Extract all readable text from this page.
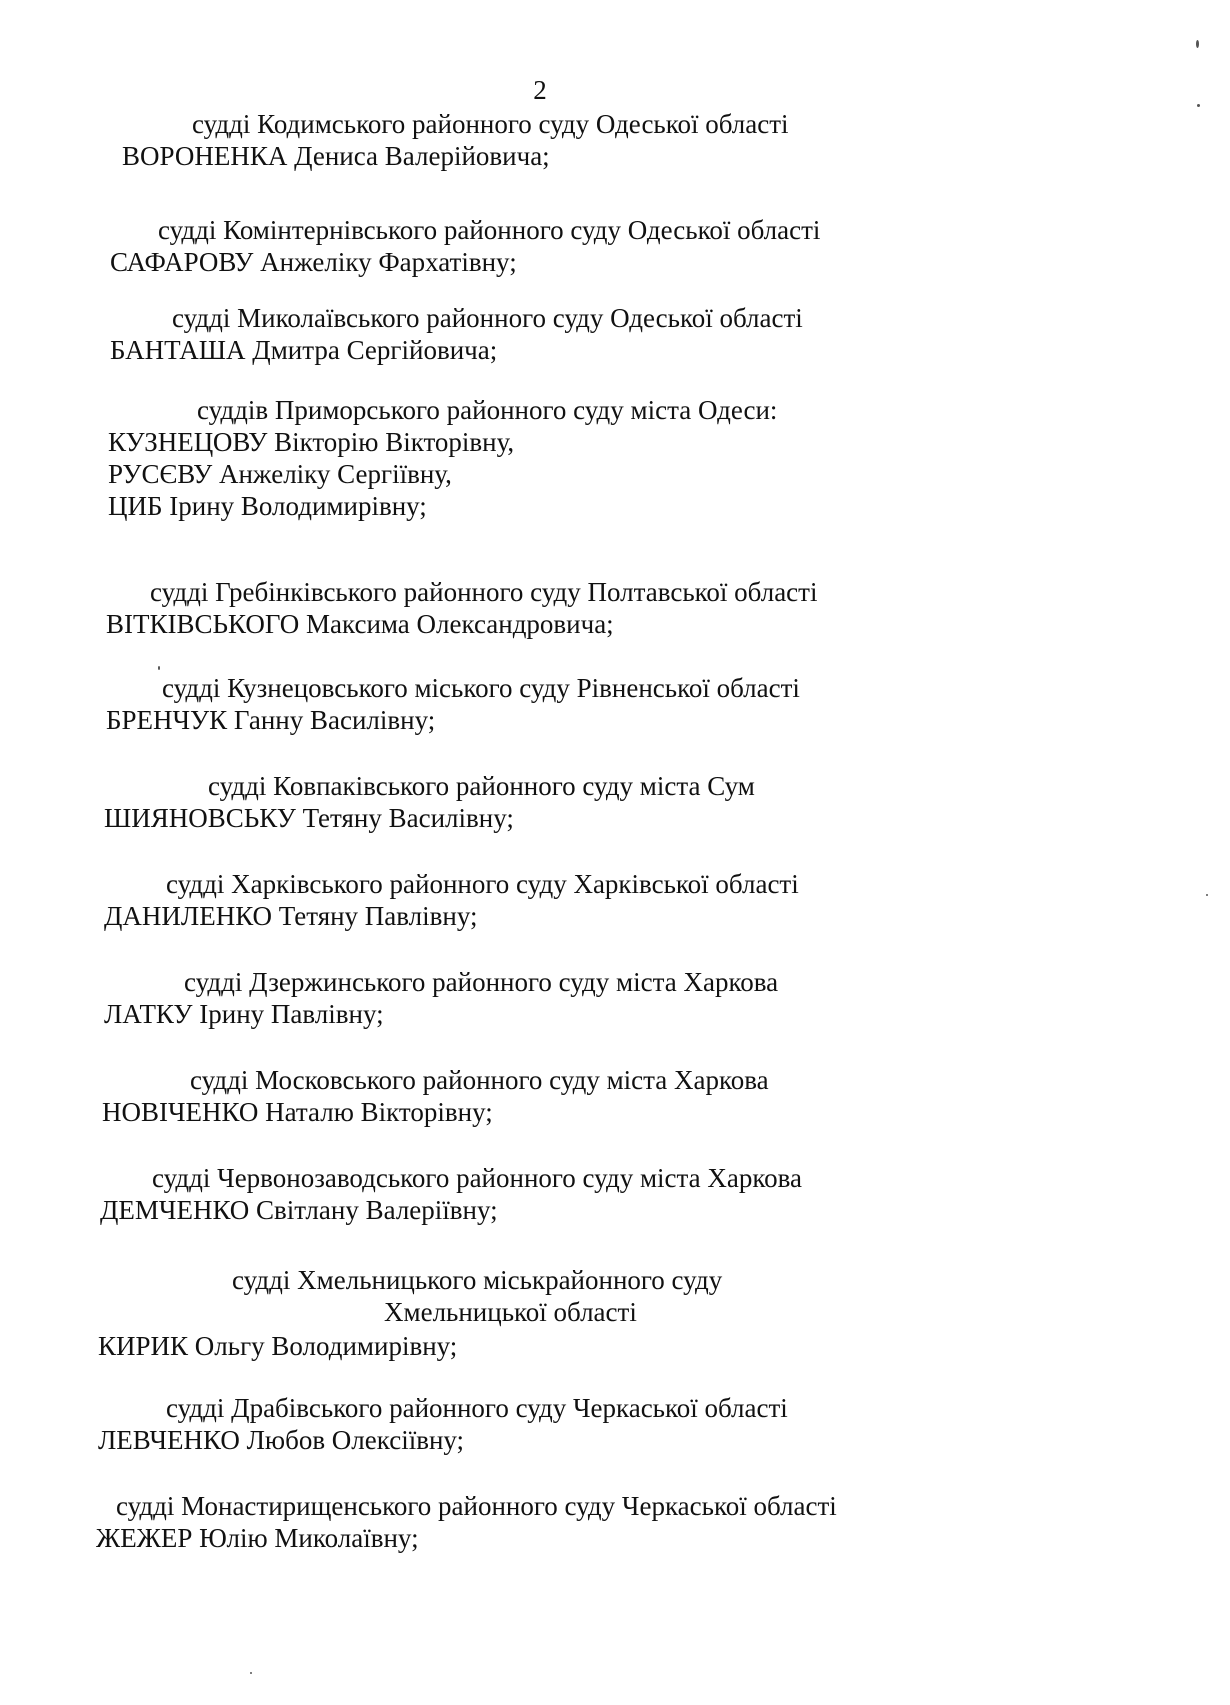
2
судді Кодимського районного суду Одеської області
ВОРОНЕНКА Дениса Валерійовича;
судді Комінтернівського районного суду Одеської області
САФАРОВУ Анжеліку Фархатівну;
судді Миколаївського районного суду Одеської області
БАНТАША Дмитра Сергійовича;
суддів Приморського районного суду міста Одеси:
КУЗНЕЦОВУ Вікторію Вікторівну,
РУСЄВУ Анжеліку Сергіївну,
ЦИБ Ірину Володимирівну;
судді Гребінківського районного суду Полтавської області
ВІТКІВСЬКОГО Максима Олександровича;
судді Кузнецовського міського суду Рівненської області
БРЕНЧУК Ганну Василівну;
судді Ковпаківського районного суду міста Сум
ШИЯНОВСЬКУ Тетяну Василівну;
судді Харківського районного суду Харківської області
ДАНИЛЕНКО Тетяну Павлівну;
судді Дзержинського районного суду міста Харкова
ЛАТКУ Ірину Павлівну;
судді Московського районного суду міста Харкова
НОВІЧЕНКО Наталю Вікторівну;
судді Червонозаводського районного суду міста Харкова
ДЕМЧЕНКО Світлану Валеріївну;
судді Хмельницького міськрайонного суду
Хмельницької області
КИРИК Ольгу Володимирівну;
судді Драбівського районного суду Черкаської області
ЛЕВЧЕНКО Любов Олексіївну;
судді Монастирищенського районного суду Черкаської області
ЖЕЖЕР Юлію Миколаївну;
